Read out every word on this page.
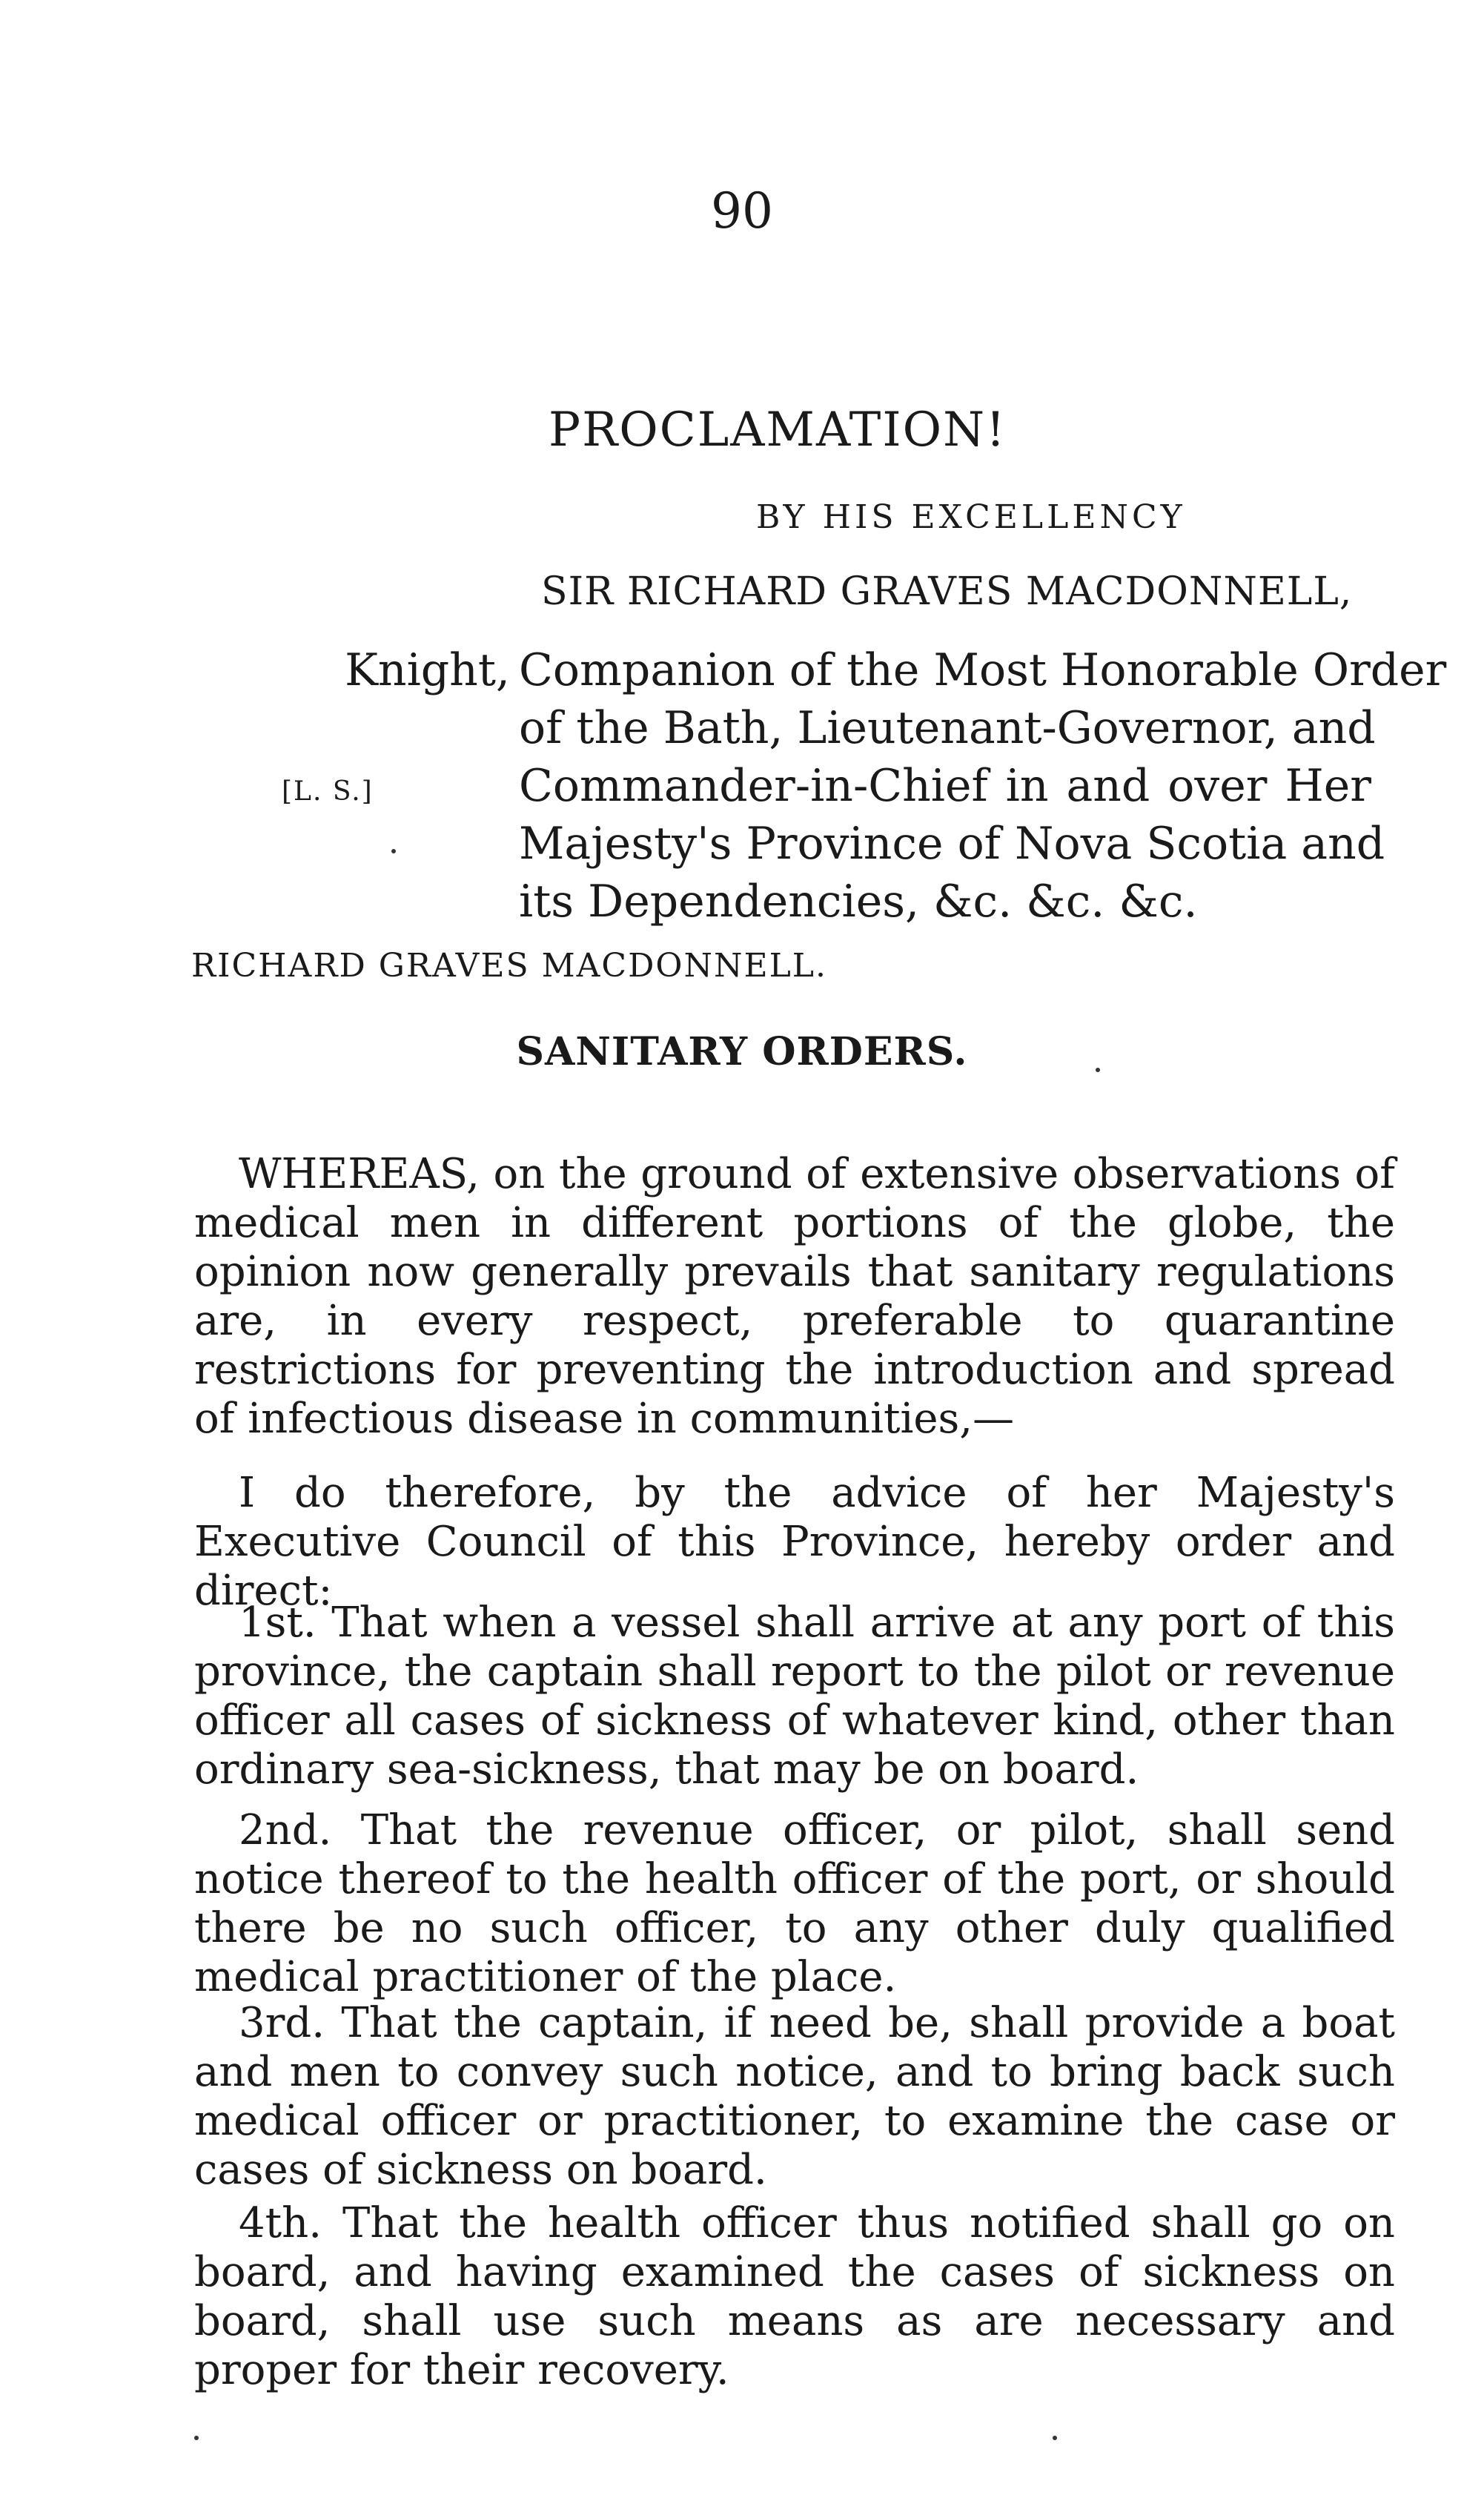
90
PROCLAMATION!
BY HIS EXCELLENCY
SIR RICHARD GRAVES MACDONNELL,
Knight, Companion of the Most Honorable Order
of the Bath, Lieutenant-Governor, and
Commander-in-Chief in and over Her
Majesty's Province of Nova Scotia and
its Dependencies, &c. &c. &c.
[L. S.]
RICHARD GRAVES MACDONNELL.
SANITARY ORDERS.

WHEREAS, on the ground of extensive observations of medical men in different portions of the globe, the opinion now generally prevails that sanitary regulations are, in every respect, preferable to quarantine restrictions for preventing the introduction and spread of infectious disease in communities,—

I do therefore, by the advice of her Majesty's Executive Council of this Province, hereby order and direct:

1st. That when a vessel shall arrive at any port of this province, the captain shall report to the pilot or revenue officer all cases of sickness of whatever kind, other than ordinary sea-sickness, that may be on board.

2nd. That the revenue officer, or pilot, shall send notice thereof to the health officer of the port, or should there be no such officer, to any other duly qualified medical practitioner of the place.

3rd. That the captain, if need be, shall provide a boat and men to convey such notice, and to bring back such medical officer or practitioner, to examine the case or cases of sickness on board.

4th. That the health officer thus notified shall go on board, and having examined the cases of sickness on board, shall use such means as are necessary and proper for their recovery.
